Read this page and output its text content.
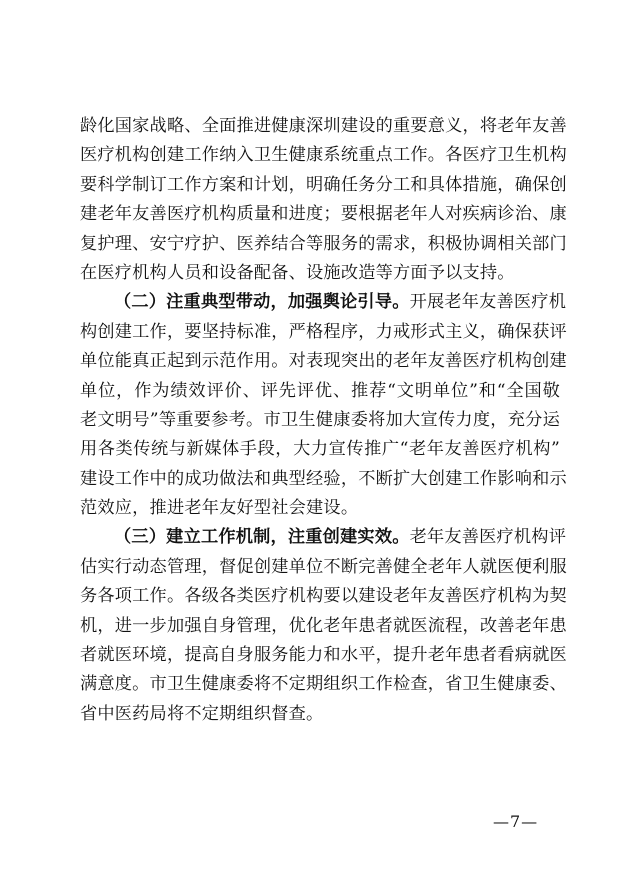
龄化国家战略、全面推进健康深圳建设的重要意义，将老年友善
医疗机构创建工作纳入卫生健康系统重点工作。各医疗卫生机构
要科学制订工作方案和计划，明确任务分工和具体措施，确保创
建老年友善医疗机构质量和进度；要根据老年人对疾病诊治、康
复护理、安宁疗护、医养结合等服务的需求，积极协调相关部门
在医疗机构人员和设备配备、设施改造等方面予以支持。
（二）注重典型带动，加强舆论引导。开展老年友善医疗机
构创建工作，要坚持标准，严格程序，力戒形式主义，确保获评
单位能真正起到示范作用。对表现突出的老年友善医疗机构创建
单位，作为绩效评价、评先评优、推荐“文明单位”和“全国敬
老文明号”等重要参考。市卫生健康委将加大宣传力度，充分运
用各类传统与新媒体手段，大力宣传推广“老年友善医疗机构”
建设工作中的成功做法和典型经验，不断扩大创建工作影响和示
范效应，推进老年友好型社会建设。
（三）建立工作机制，注重创建实效。老年友善医疗机构评
估实行动态管理，督促创建单位不断完善健全老年人就医便利服
务各项工作。各级各类医疗机构要以建设老年友善医疗机构为契
机，进一步加强自身管理，优化老年患者就医流程，改善老年患
者就医环境，提高自身服务能力和水平，提升老年患者看病就医
满意度。市卫生健康委将不定期组织工作检查，省卫生健康委、
省中医药局将不定期组织督查。
—7—
